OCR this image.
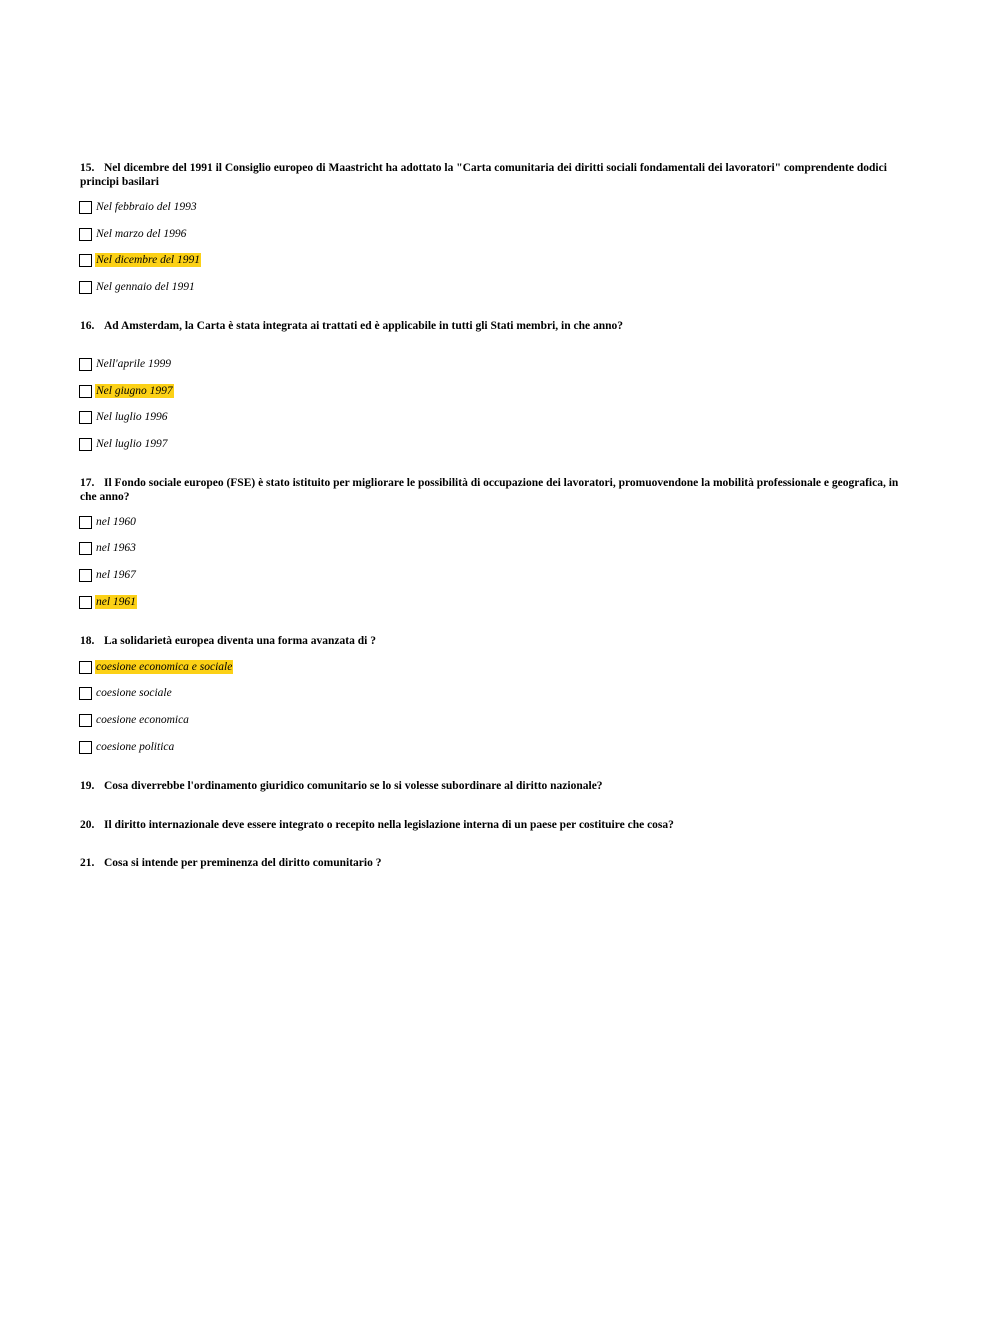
15. Nel dicembre del 1991 il Consiglio europeo di Maastricht ha adottato la "Carta comunitaria dei diritti sociali fondamentali dei lavoratori" comprendente dodici principi basilari
Nel febbraio del 1993
Nel marzo del 1996
Nel dicembre del 1991
Nel gennaio del 1991
16. Ad Amsterdam, la Carta è stata integrata ai trattati ed è applicabile in tutti gli Stati membri, in che anno?
Nell'aprile 1999
Nel giugno 1997
Nel luglio 1996
Nel luglio 1997
17. Il Fondo sociale europeo (FSE) è stato istituito per migliorare le possibilità di occupazione dei lavoratori, promuovendone la mobilità professionale e geografica, in che anno?
nel 1960
nel 1963
nel 1967
nel 1961
18. La solidarietà europea diventa una forma avanzata di ?
coesione economica e sociale
coesione sociale
coesione economica
coesione politica
19. Cosa diverrebbe l'ordinamento giuridico comunitario se lo si volesse subordinare al diritto nazionale?
20. Il diritto internazionale deve essere integrato o recepito nella legislazione interna di un paese per costituire che cosa?
21. Cosa si intende per preminenza del diritto comunitario ?
